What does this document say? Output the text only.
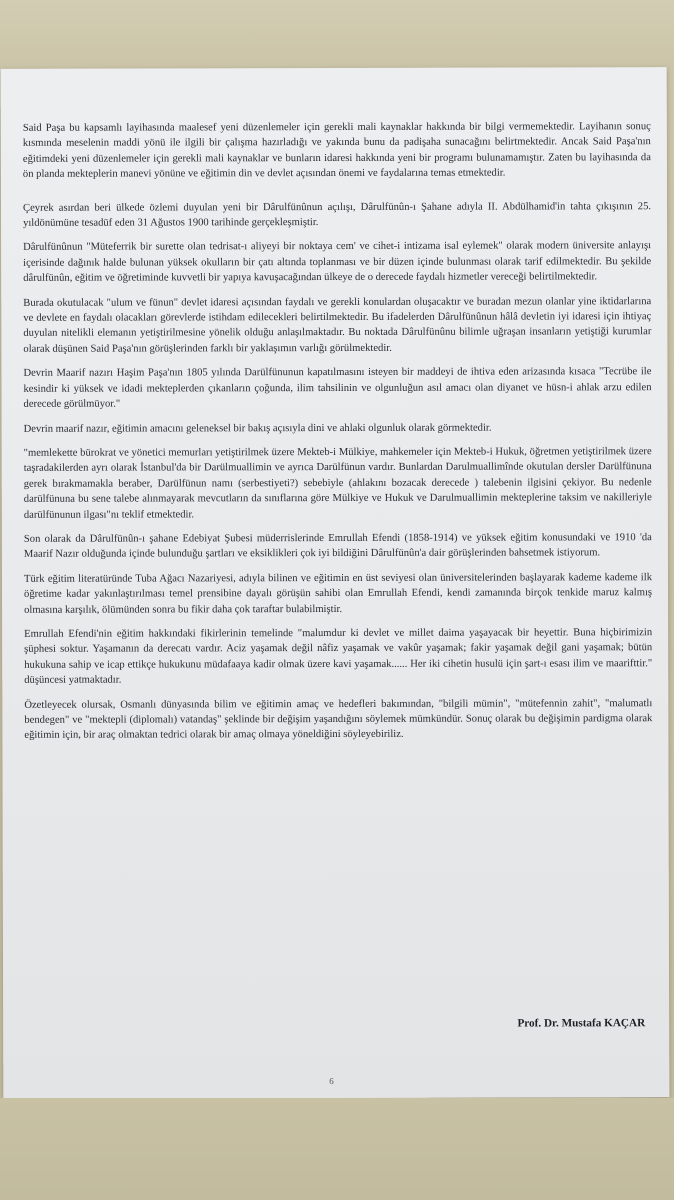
Said Paşa bu kapsamlı layihasında maalesef yeni düzenlemeler için gerekli mali kaynaklar hakkında bir bilgi vermemektedir. Layihanın sonuç kısmında meselenin maddi yönü ile ilgili bir çalışma hazırladığı ve yakında bunu da padişaha sunacağını belirtmektedir. Ancak Said Paşa'nın eğitimdeki yeni düzenlemeler için gerekli mali kaynaklar ve bunların idaresi hakkında yeni bir programı bulunamamıştır. Zaten bu layihasında da ön planda mekteplerin manevi yönüne ve eğitimin din ve devlet açısından önemi ve faydalarına temas etmektedir.

Çeyrek asırdan beri ülkede özlemi duyulan yeni bir Dârulfünûnun açılışı, Dârulfünûn-ı Şahane adıyla II. Abdülhamid'in tahta çıkışının 25. yıldönümüne tesadüf eden 31 Ağustos 1900 tarihinde gerçekleşmiştir.

Dârulfünûnun "Müteferrik bir surette olan tedrisat-ı aliyeyi bir noktaya cem' ve cihet-i intizama isal eylemek" olarak modern üniversite anlayışı içerisinde dağınık halde bulunan yüksek okulların bir çatı altında toplanması ve bir düzen içinde bulunması olarak tarif edilmektedir. Bu şekilde dârulfünûn, eğitim ve öğretiminde kuvvetli bir yapıya kavuşacağından ülkeye de o derecede faydalı hizmetler vereceği belirtilmektedir.

Burada okutulacak "ulum ve fünun" devlet idaresi açısından faydalı ve gerekli konulardan oluşacaktır ve buradan mezun olanlar yine iktidarlarına ve devlete en faydalı olacakları görevlerde istihdam edilecekleri belirtilmektedir. Bu ifadelerden Dârulfünûnun hâlâ devletin iyi idaresi için ihtiyaç duyulan nitelikli elemanın yetiştirilmesine yönelik olduğu anlaşılmaktadır. Bu noktada Dârulfünûnu bilimle uğraşan insanların yetiştiği kurumlar olarak düşünen Said Paşa'nın görüşlerinden farklı bir yaklaşımın varlığı görülmektedir.

Devrin Maarif nazırı Haşim Paşa'nın 1805 yılında Darülfünunun kapatılmasını isteyen bir maddeyi de ihtiva eden arizasında kısaca "Tecrübe ile kesindir ki yüksek ve idadi mekteplerden çıkanların çoğunda, ilim tahsilinin ve olgunluğun asıl amacı olan diyanet ve hüsn-i ahlak arzu edilen derecede görülmüyor."

Devrin maarif nazır, eğitimin amacını geleneksel bir bakış açısıyla dini ve ahlaki olgunluk olarak görmektedir.

"memlekette bürokrat ve yönetici memurları yetiştirilmek üzere Mekteb-i Mülkiye, mahkemeler için Mekteb-i Hukuk, öğretmen yetiştirilmek üzere taşradakilerden ayrı olarak İstanbul'da bir Darülmuallimin ve ayrıca Darülfünun vardır. Bunlardan Darulmuallimînde okutulan dersler Darülfünuna gerek bırakmamakla beraber, Darülfünun namı (serbestiyeti?) sebebiyle (ahlakını bozacak derecede ) talebenin ilgisini çekiyor. Bu nedenle darülfünuna bu sene talebe alınmayarak mevcutların da sınıflarına göre Mülkiye ve Hukuk ve Darulmuallimin mekteplerine taksim ve nakilleriyle darülfünunun ilgası"nı teklif etmektedir.

Son olarak da Dârulfünûn-ı şahane Edebiyat Şubesi müderrislerinde Emrullah Efendi (1858-1914) ve yüksek eğitim konusundaki ve 1910 'da Maarif Nazır olduğunda içinde bulunduğu şartları ve eksiklikleri çok iyi bildiğini Dârulfünûn'a dair görüşlerinden bahsetmek istiyorum.

Türk eğitim literatüründe Tuba Ağacı Nazariyesi, adıyla bilinen ve eğitimin en üst seviyesi olan üniversitelerinden başlayarak kademe kademe ilk öğretime kadar yakınlaştırılması temel prensibine dayalı görüşün sahibi olan Emrullah Efendi, kendi zamanında birçok tenkide maruz kalmış olmasına karşılık, ölümünden sonra bu fikir daha çok taraftar bulabilmiştir.

Emrullah Efendi'nin eğitim hakkındaki fikirlerinin temelinde "malumdur ki devlet ve millet daima yaşayacak bir heyettir. Buna hiçbirimizin şüphesi soktur. Yaşamanın da derecatı vardır. Aciz yaşamak değil nâfiz yaşamak ve vakûr yaşamak; fakir yaşamak değil gani yaşamak; bütün hukukuna sahip ve icap ettikçe hukukunu müdafaaya kadir olmak üzere kavi yaşamak...... Her iki cihetin husulü için şart-ı esası ilim ve maarifttir." düşüncesi yatmaktadır.

Özetleyecek olursak, Osmanlı dünyasında bilim ve eğitimin amaç ve hedefleri bakımından, "bilgili mümin", "mütefennin zahit", "malumatlı bendegen" ve "mektepli (diplomalı) vatandaş" şeklinde bir değişim yaşandığını söylemek mümkündür. Sonuç olarak bu değişimin pardigma olarak eğitimin için, bir araç olmaktan tedrici olarak bir amaç olmaya yöneldiğini söyleyebiriliz.

Prof. Dr. Mustafa KAÇAR
6
